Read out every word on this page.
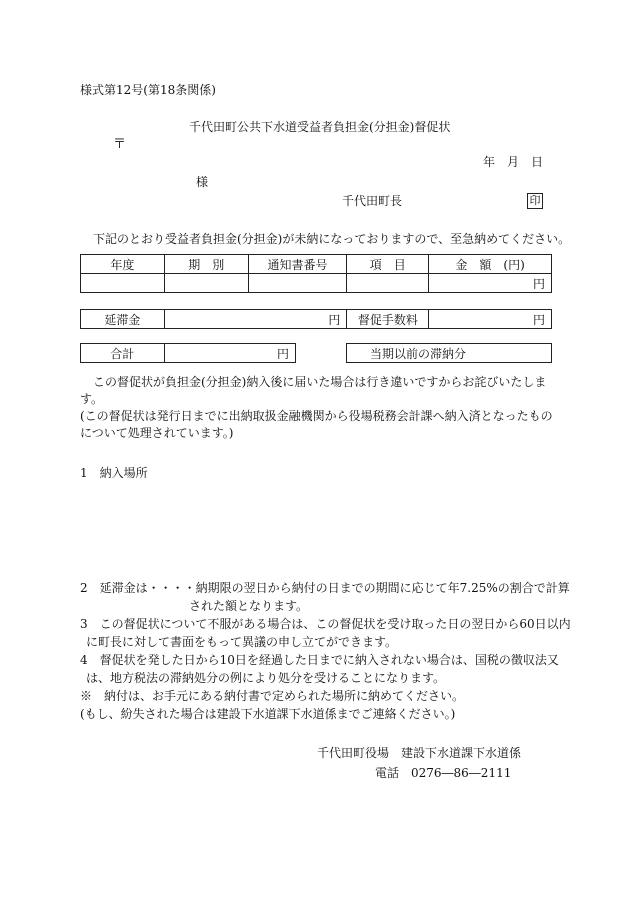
様式第12号(第18条関係)
千代田町公共下水道受益者負担金(分担金)督促状
〒
年　月　日
様
千代田町長	印
下記のとおり受益者負担金(分担金)が未納になっておりますので、至急納めてください。
年度	期　別	通知書番号	項　目	金　額　(円)
				円
延滞金	円	督促手数料	円
合計	円	当期以前の滞納分
この督促状が負担金(分担金)納入後に届いた場合は行き違いですからお詫びいたしま
す。
(この督促状は発行日までに出納取扱金融機関から役場税務会計課へ納入済となったもの
について処理されています。)
1　納入場所
2　延滞金は・・・・納期限の翌日から納付の日までの期間に応じて年7.25%の割合で計算
された額となります。
3　この督促状について不服がある場合は、この督促状を受け取った日の翌日から60日以内
に町長に対して書面をもって異議の申し立てができます。
4　督促状を発した日から10日を経過した日までに納入されない場合は、国税の徴収法又
は、地方税法の滞納処分の例により処分を受けることになります。
※　納付は、お手元にある納付書で定められた場所に納めてください。
(もし、紛失された場合は建設下水道課下水道係までご連絡ください。)
千代田町役場　建設下水道課下水道係
電話　0276―86―2111
